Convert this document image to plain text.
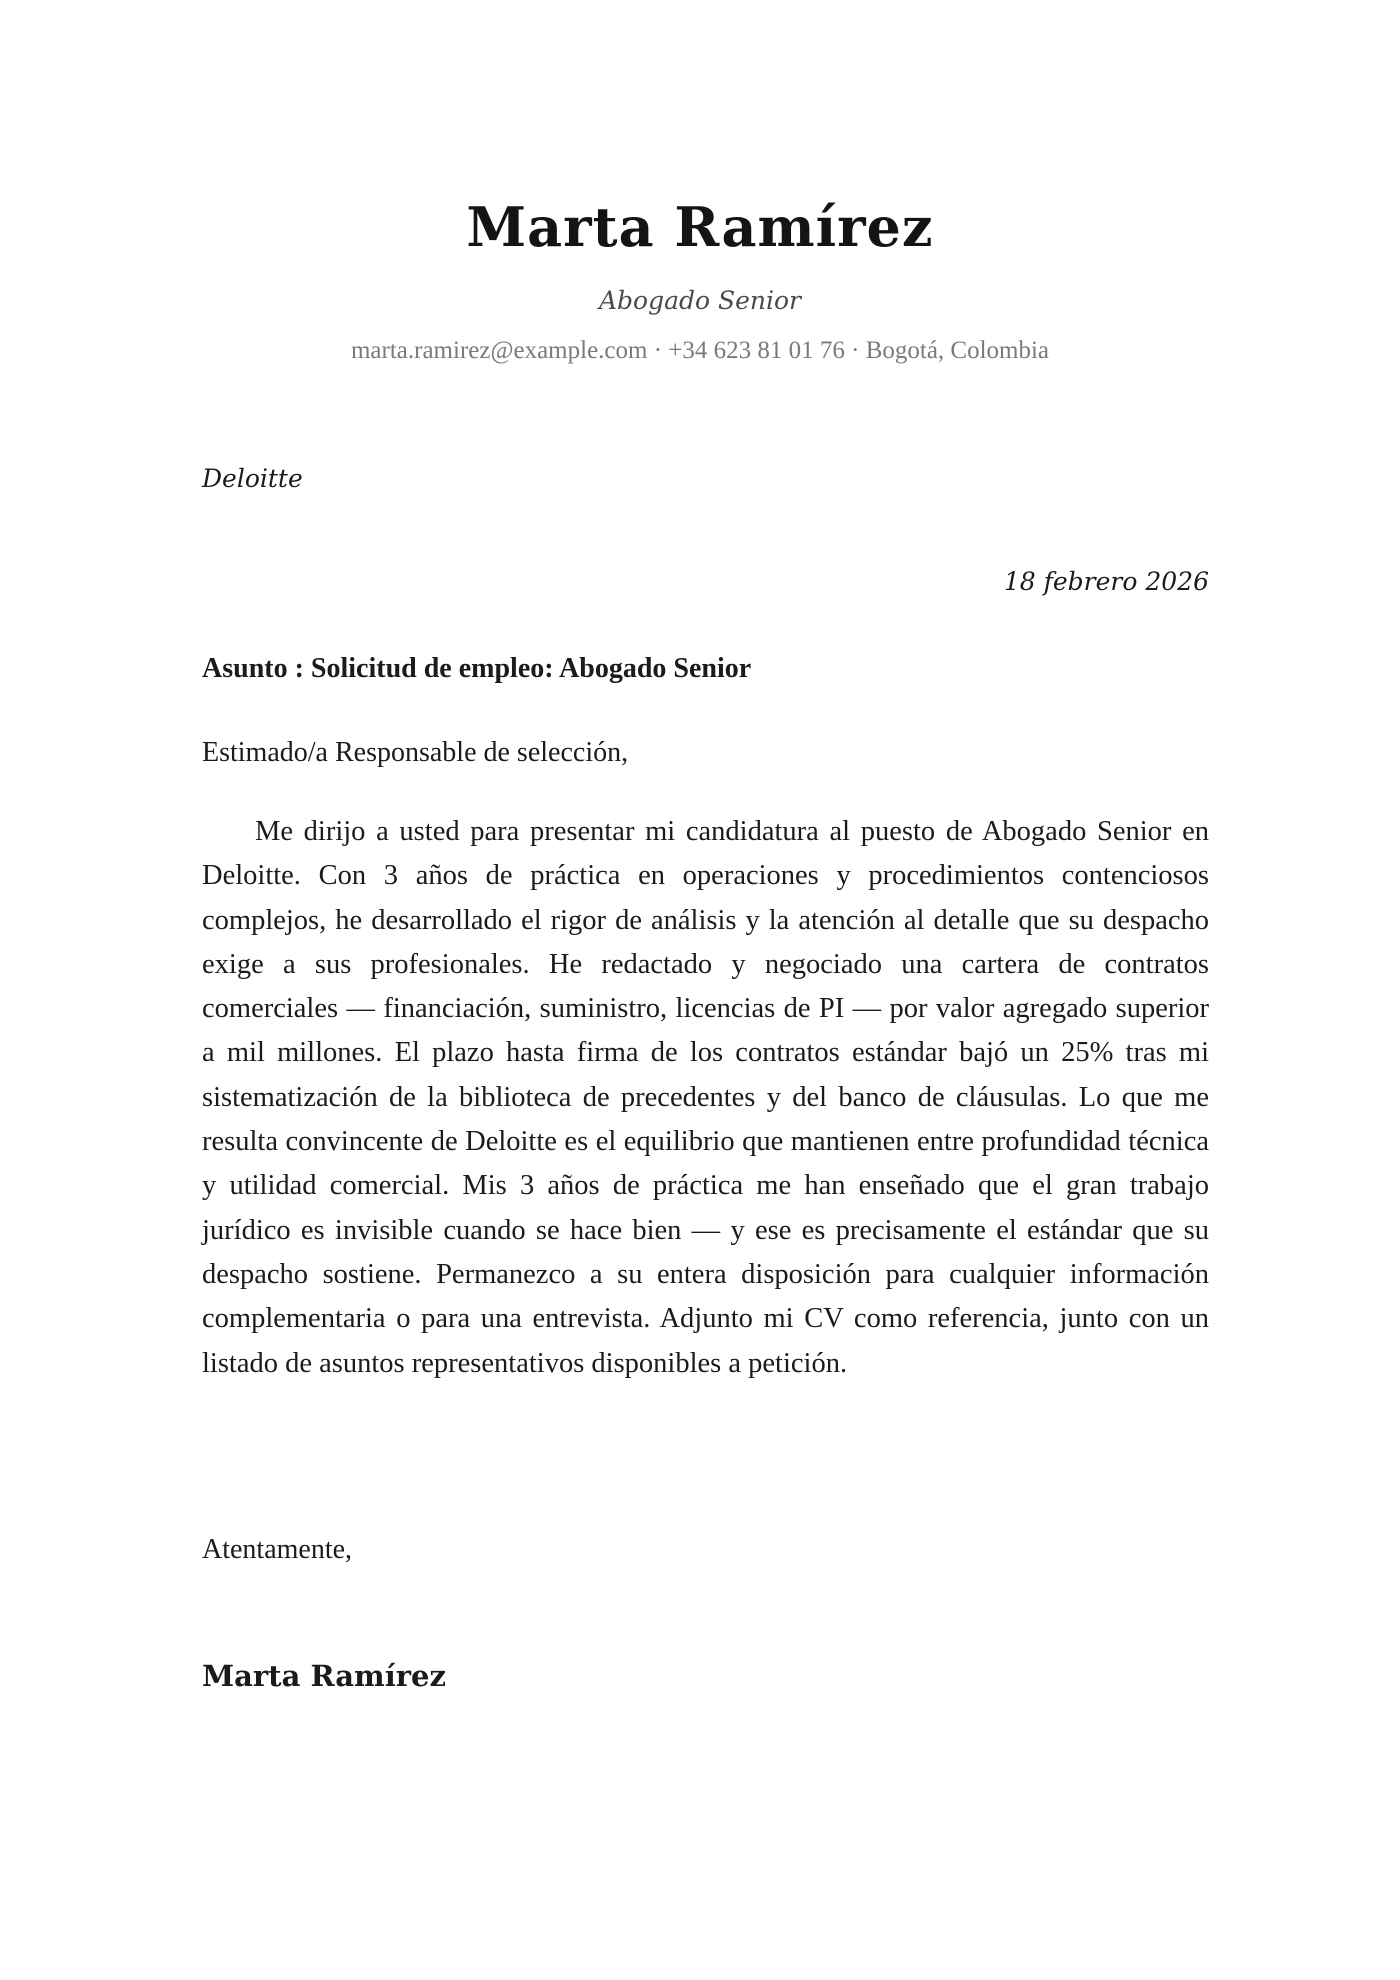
Marta Ramírez
Abogado Senior
marta.ramirez@example.com · +34 623 81 01 76 · Bogotá, Colombia
Deloitte
18 febrero 2026
Asunto : Solicitud de empleo: Abogado Senior
Estimado/a Responsable de selección,

Me dirijo a usted para presentar mi candidatura al puesto de Abogado Senior en Deloitte. Con 3 años de práctica en operaciones y procedimientos contenciosos complejos, he desarrollado el rigor de análisis y la atención al detalle que su despacho exige a sus profesionales. He redactado y negociado una cartera de contratos comerciales — financiación, suministro, licencias de PI — por valor agregado superior a mil millones. El plazo hasta firma de los contratos estándar bajó un 25% tras mi sistematización de la biblioteca de precedentes y del banco de cláusulas. Lo que me resulta convincente de Deloitte es el equilibrio que mantienen entre profundidad técnica y utilidad comercial. Mis 3 años de práctica me han enseñado que el gran trabajo jurídico es invisible cuando se hace bien — y ese es precisamente el estándar que su despacho sostiene. Permanezco a su entera disposición para cualquier información complementaria o para una entrevista. Adjunto mi CV como referencia, junto con un listado de asuntos representativos disponibles a petición.

Atentamente,
Marta Ramírez
